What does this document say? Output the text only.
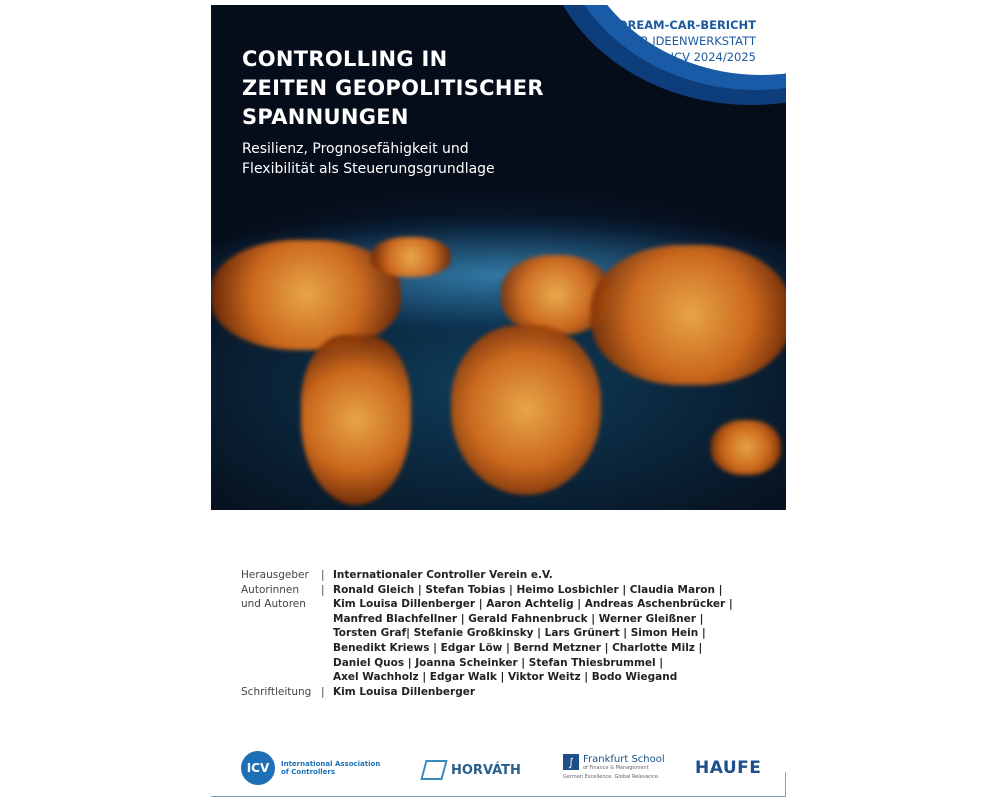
DREAM-CAR-BERICHT
DER IDEENWERKSTATT
IM ICV 2024/2025
CONTROLLING IN
ZEITEN GEOPOLITISCHER
SPANNUNGEN
Resilienz, Prognosefähigkeit und
Flexibilität als Steuerungsgrundlage
Herausgeber	| Internationaler Controller Verein e.V.
Autorinnen
und Autoren
| Ronald Gleich | Stefan Tobias | Heimo Losbichler | Claudia Maron |
Kim Louisa Dillenberger | Aaron Achtelig | Andreas Aschenbrücker |
Manfred Blachfellner | Gerald Fahnenbruck | Werner Gleißner |
Torsten Graf| Stefanie Großkinsky | Lars Grünert | Simon Hein |
Benedikt Kriews | Edgar Löw | Bernd Metzner | Charlotte Milz |
Daniel Quos | Joanna Scheinker | Stefan Thiesbrummel |
Axel Wachholz | Edgar Walk | Viktor Weitz | Bodo Wiegand
Schriftleitung | Kim Louisa Dillenberger
ICV	International Association
of Controllers	HORVÁTH
∫ Frankfurt School
of Finance & Management
German Excellence. Global Relevance.	HAUFE
